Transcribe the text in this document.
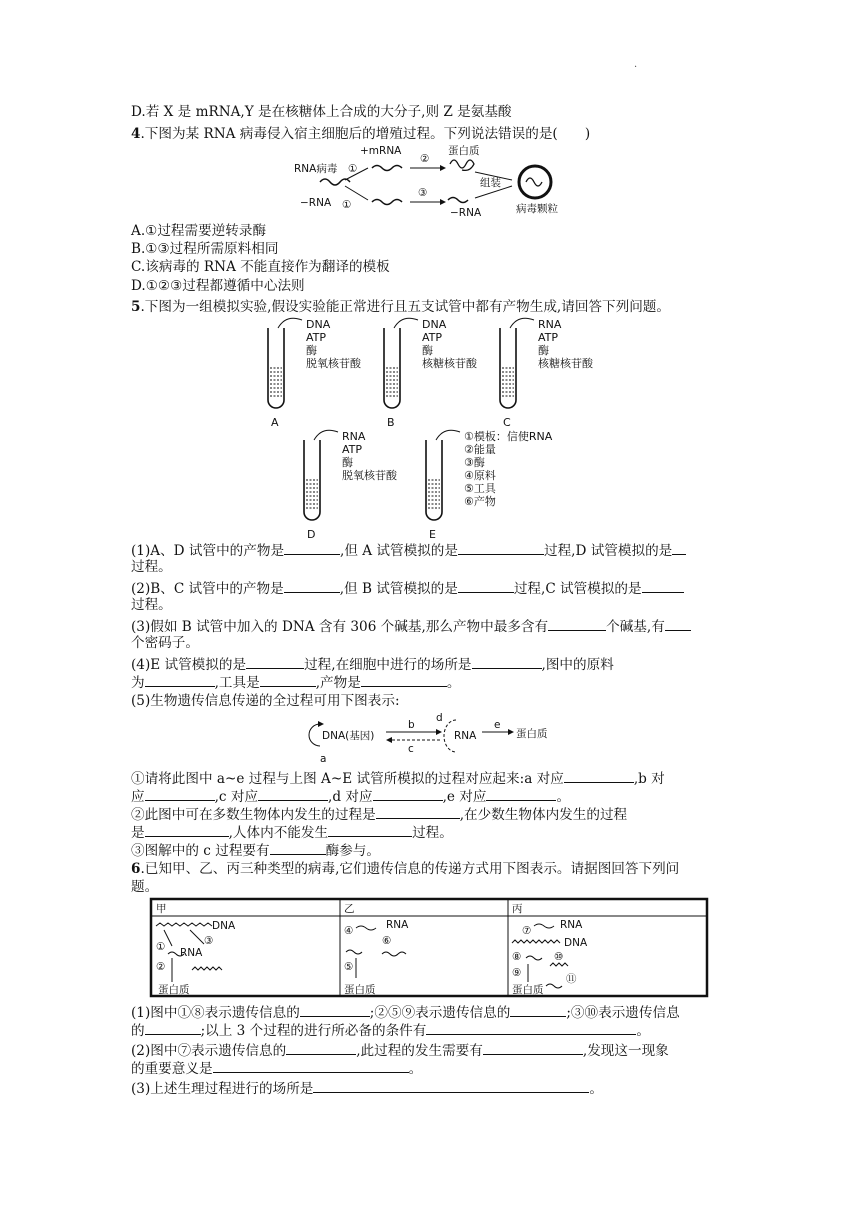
·
D.若 X 是 mRNA,Y 是在核糖体上合成的大分子,则 Z 是氨基酸
4.下图为某 RNA 病毒侵入宿主细胞后的增殖过程。下列说法错误的是(　　)
RNA病毒
+mRNA
①
②
蛋白质
组装
病毒颗粒
−RNA ①
③
−RNA
A.①过程需要逆转录酶
B.①③过程所需原料相同
C.该病毒的 RNA 不能直接作为翻译的模板
D.①②③过程都遵循中心法则
5.下图为一组模拟实验,假设实验能正常进行且五支试管中都有产物生成,请回答下列问题。
DNA
ATP
酶
脱氧核苷酸
A
DNA
ATP
酶
核糖核苷酸
B
RNA
ATP
酶
核糖核苷酸
C
RNA
ATP
酶
脱氧核苷酸
D
①模板：信使RNA
②能量
③酶
④原料
⑤工具
⑥产物
E
(1)A、D 试管中的产物是	,但 A 试管模拟的是	过程,D 试管模拟的是
过程。
(2)B、C 试管中的产物是	,但 B 试管模拟的是	过程,C 试管模拟的是
过程。
(3)假如 B 试管中加入的 DNA 含有 306 个碱基,那么产物中最多含有	个碱基,有
个密码子。
(4)E 试管模拟的是	过程,在细胞中进行的场所是	,图中的原料
为	,工具是	,产物是	。
(5)生物遗传信息传递的全过程可用下图表示:
DNA(基因)
a
b
c
d
RNA
e
蛋白质
①请将此图中 a~e 过程与上图 A~E 试管所模拟的过程对应起来:a 对应	,b 对
应	,c 对应	,d 对应	,e 对应	。
②此图中可在多数生物体内发生的过程是	,在少数生物体内发生的过程
是	,人体内不能发生	过程。
③图解中的 c 过程要有	酶参与。
6.已知甲、乙、丙三种类型的病毒,它们遗传信息的传递方式用下图表示。请据图回答下列问
题。
甲	乙	丙
DNA
①	③
RNA
②
蛋白质
④	RNA
⑥
⑤
蛋白质
⑦	RNA
DNA
⑧	⑩
⑨	⑪
蛋白质
(1)图中①⑧表示遗传信息的	;②⑤⑨表示遗传信息的	;③⑩表示遗传信息
的	;以上 3 个过程的进行所必备的条件有	。
(2)图中⑦表示遗传信息的	,此过程的发生需要有	,发现这一现象
的重要意义是	。
(3)上述生理过程进行的场所是	。
